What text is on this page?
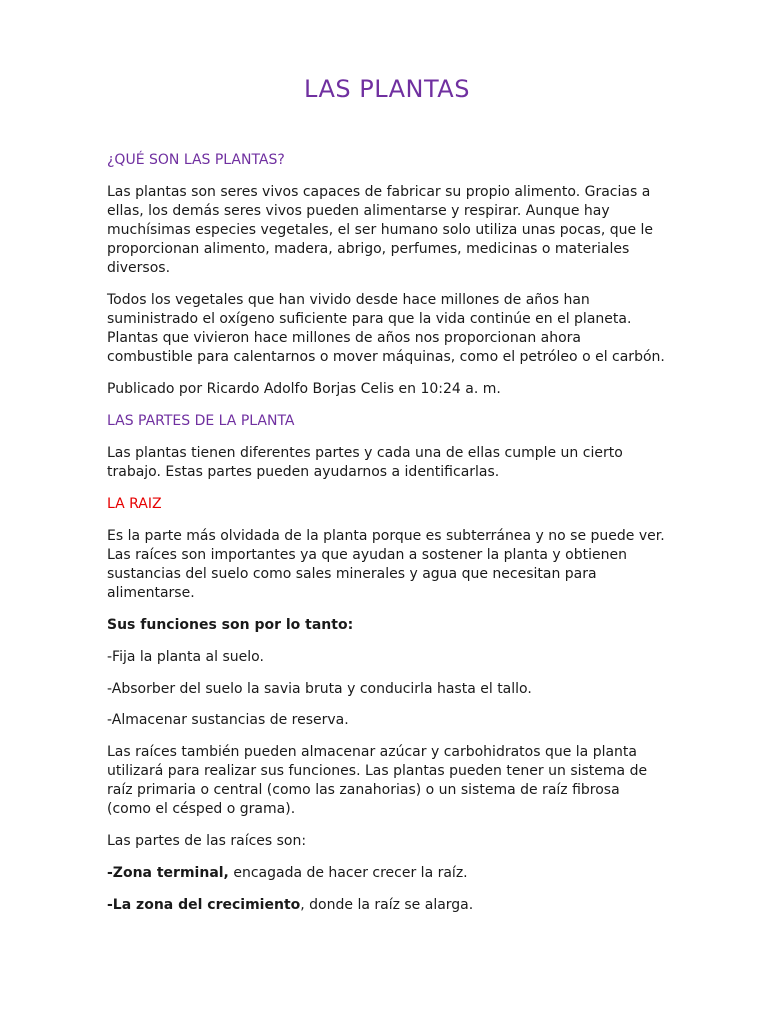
LAS PLANTAS
¿QUÉ SON LAS PLANTAS?

Las plantas son seres vivos capaces de fabricar su propio alimento. Gracias a ellas, los demás seres vivos pueden alimentarse y respirar. Aunque hay muchísimas especies vegetales, el ser humano solo utiliza unas pocas, que le proporcionan alimento, madera, abrigo, perfumes, medicinas o materiales diversos.

Todos los vegetales que han vivido desde hace millones de años han suministrado el oxígeno suficiente para que la vida continúe en el planeta. Plantas que vivieron hace millones de años nos proporcionan ahora combustible para calentarnos o mover máquinas, como el petróleo o el carbón.

Publicado por Ricardo Adolfo Borjas Celis en 10:24 a. m.

LAS PARTES DE LA PLANTA

Las plantas tienen diferentes partes y cada una de ellas cumple un cierto trabajo. Estas partes pueden ayudarnos a identificarlas.

LA RAIZ

Es la parte más olvidada de la planta porque es subterránea y no se puede ver. Las raíces son importantes ya que ayudan a sostener la planta y obtienen sustancias del suelo como sales minerales y agua que necesitan para alimentarse.

Sus funciones son por lo tanto:

-Fija la planta al suelo.

-Absorber del suelo la savia bruta y conducirla hasta el tallo.

-Almacenar sustancias de reserva.

Las raíces también pueden almacenar azúcar y carbohidratos que la planta utilizará para realizar sus funciones. Las plantas pueden tener un sistema de raíz primaria o central (como las zanahorias) o un sistema de raíz fibrosa (como el césped o grama).

Las partes de las raíces son:

-Zona terminal, encagada de hacer crecer la raíz.

-La zona del crecimiento, donde la raíz se alarga.
